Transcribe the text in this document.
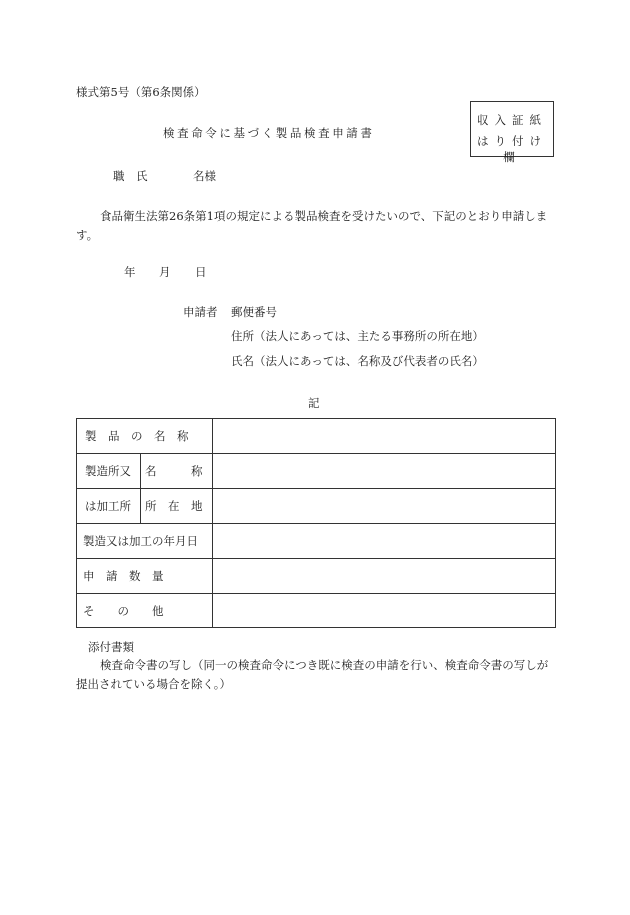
様式第5号（第6条関係）
検査命令に基づく製品検査申請書
収入証紙
はり付け欄
職 氏	名様
食品衛生法第26条第1項の規定による製品検査を受けたいので、下記のとおり申請します。
年 月 日
申請者 郵便番号
住所（法人にあっては、主たる事務所の所在地）
氏名（法人にあっては、名称及び代表者の氏名）
記
製　品　の　名　称
製造所又 名　　　称
は加工所 所　在　地
製造又は加工の年月日
申　請　数　量
そ　　の　　他
添付書類
検査命令書の写し（同一の検査命令につき既に検査の申請を行い、検査命令書の写しが提出されている場合を除く。）
